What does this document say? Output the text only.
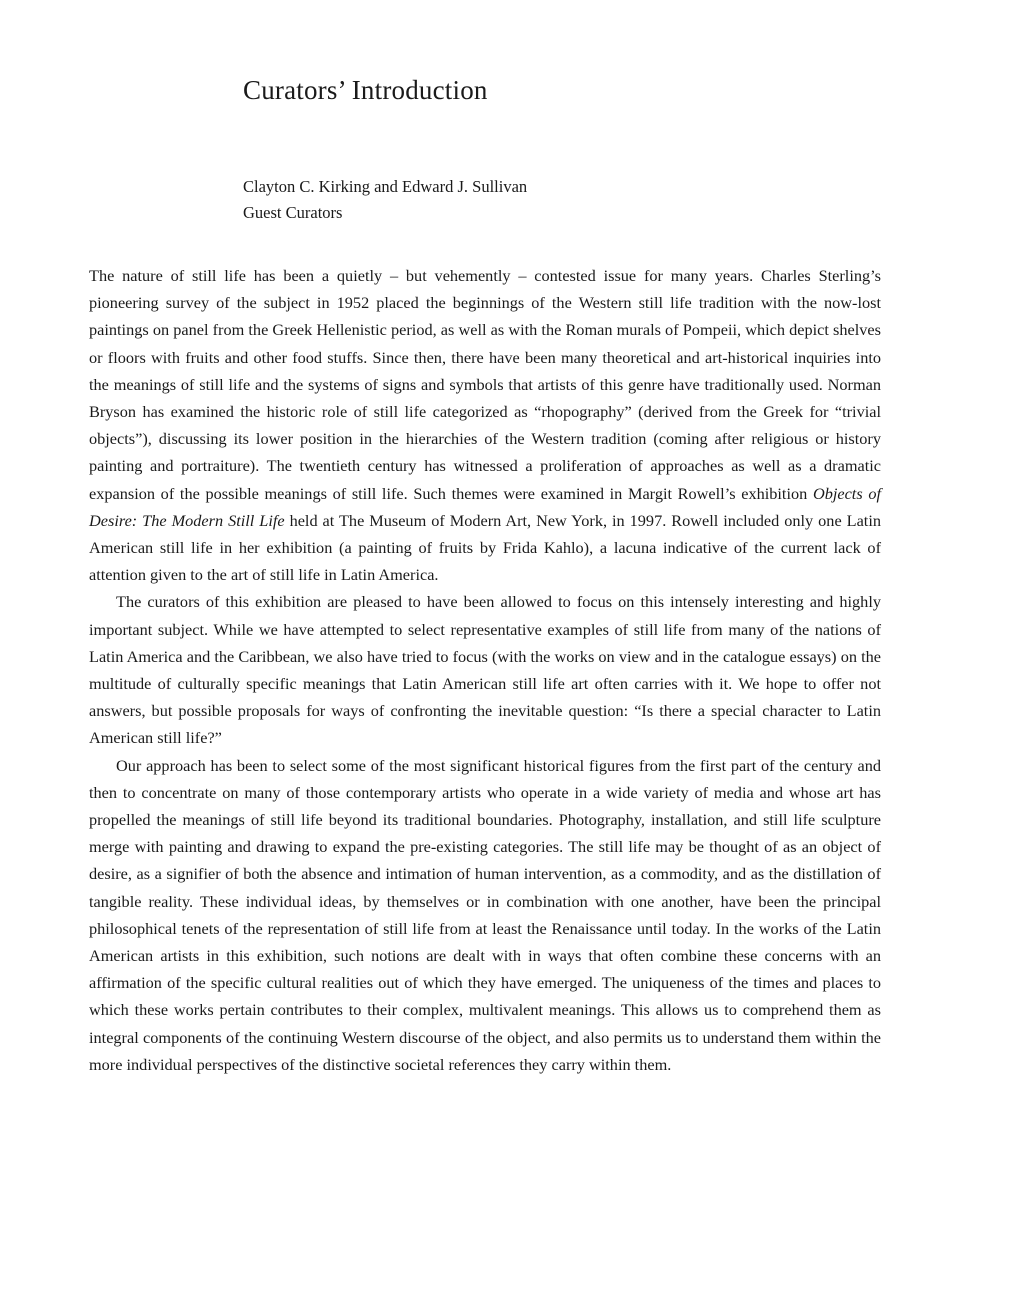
Curators’ Introduction
Clayton C. Kirking and Edward J. Sullivan
Guest Curators

The nature of still life has been a quietly – but vehemently – contested issue for many years. Charles Sterling’s pioneering survey of the subject in 1952 placed the beginnings of the Western still life tradition with the now-lost paintings on panel from the Greek Hellenistic period, as well as with the Roman murals of Pompeii, which depict shelves or floors with fruits and other food stuffs. Since then, there have been many theoretical and art-historical inquiries into the meanings of still life and the systems of signs and symbols that artists of this genre have traditionally used. Norman Bryson has examined the historic role of still life categorized as “rhopography” (derived from the Greek for “trivial objects”), discussing its lower position in the hierarchies of the Western tradition (coming after religious or history painting and portraiture). The twentieth century has witnessed a proliferation of approaches as well as a dramatic expansion of the possible meanings of still life. Such themes were examined in Margit Rowell’s exhibition Objects of Desire: The Modern Still Life held at The Museum of Modern Art, New York, in 1997. Rowell included only one Latin American still life in her exhibition (a painting of fruits by Frida Kahlo), a lacuna indicative of the current lack of attention given to the art of still life in Latin America.

The curators of this exhibition are pleased to have been allowed to focus on this intensely interesting and highly important subject. While we have attempted to select representative examples of still life from many of the nations of Latin America and the Caribbean, we also have tried to focus (with the works on view and in the catalogue essays) on the multitude of culturally specific meanings that Latin American still life art often carries with it. We hope to offer not answers, but possible proposals for ways of confronting the inevitable question: “Is there a special character to Latin American still life?”

Our approach has been to select some of the most significant historical figures from the first part of the century and then to concentrate on many of those contemporary artists who operate in a wide variety of media and whose art has propelled the meanings of still life beyond its traditional boundaries. Photography, installation, and still life sculpture merge with painting and drawing to expand the pre-existing categories. The still life may be thought of as an object of desire, as a signifier of both the absence and intimation of human intervention, as a commodity, and as the distillation of tangible reality. These individual ideas, by themselves or in combination with one another, have been the principal philosophical tenets of the representation of still life from at least the Renaissance until today. In the works of the Latin American artists in this exhibition, such notions are dealt with in ways that often combine these concerns with an affirmation of the specific cultural realities out of which they have emerged. The uniqueness of the times and places to which these works pertain contributes to their complex, multivalent meanings. This allows us to comprehend them as integral components of the continuing Western discourse of the object, and also permits us to understand them within the more individual perspectives of the distinctive societal references they carry within them.
